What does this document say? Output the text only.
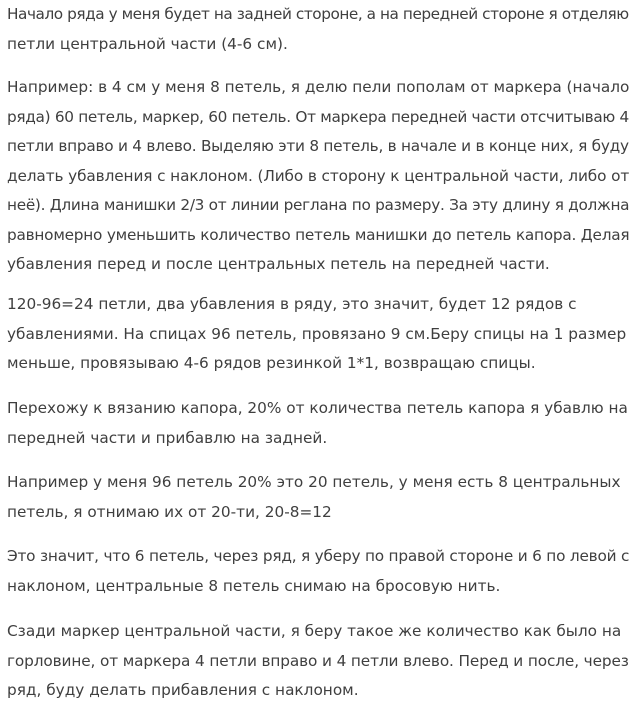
Начало ряда у меня будет на задней стороне, а на передней стороне я отделяю

петли центральной части (4-6 см).

Например: в 4 см у меня 8 петель, я делю пели пополам от маркера (начало

ряда) 60 петель, маркер, 60 петель. От маркера передней части отсчитываю 4

петли вправо и 4 влево. Выделяю эти 8 петель, в начале и в конце них, я буду

делать убавления с наклоном. (Либо в сторону к центральной части, либо от

неё). Длина манишки 2/3 от линии реглана по размеру. За эту длину я должна

равномерно уменьшить количество петель манишки до петель капора. Делая

убавления перед и после центральных петель на передней части.

120-96=24 петли, два убавления в ряду, это значит, будет 12 рядов с

убавлениями. На спицах 96 петель, провязано 9 см.Беру спицы на 1 размер

меньше, провязываю 4-6 рядов резинкой 1*1, возвращаю спицы.

Перехожу к вязанию капора, 20% от количества петель капора я убавлю на

передней части и прибавлю на задней.

Например у меня 96 петель 20% это 20 петель, у меня есть 8 центральных

петель, я отнимаю их от 20-ти, 20-8=12

Это значит, что 6 петель, через ряд, я уберу по правой стороне и 6 по левой с

наклоном, центральные 8 петель снимаю на бросовую нить.

Сзади маркер центральной части, я беру такое же количество как было на

горловине, от маркера 4 петли вправо и 4 петли влево. Перед и после, через

ряд, буду делать прибавления с наклоном.
